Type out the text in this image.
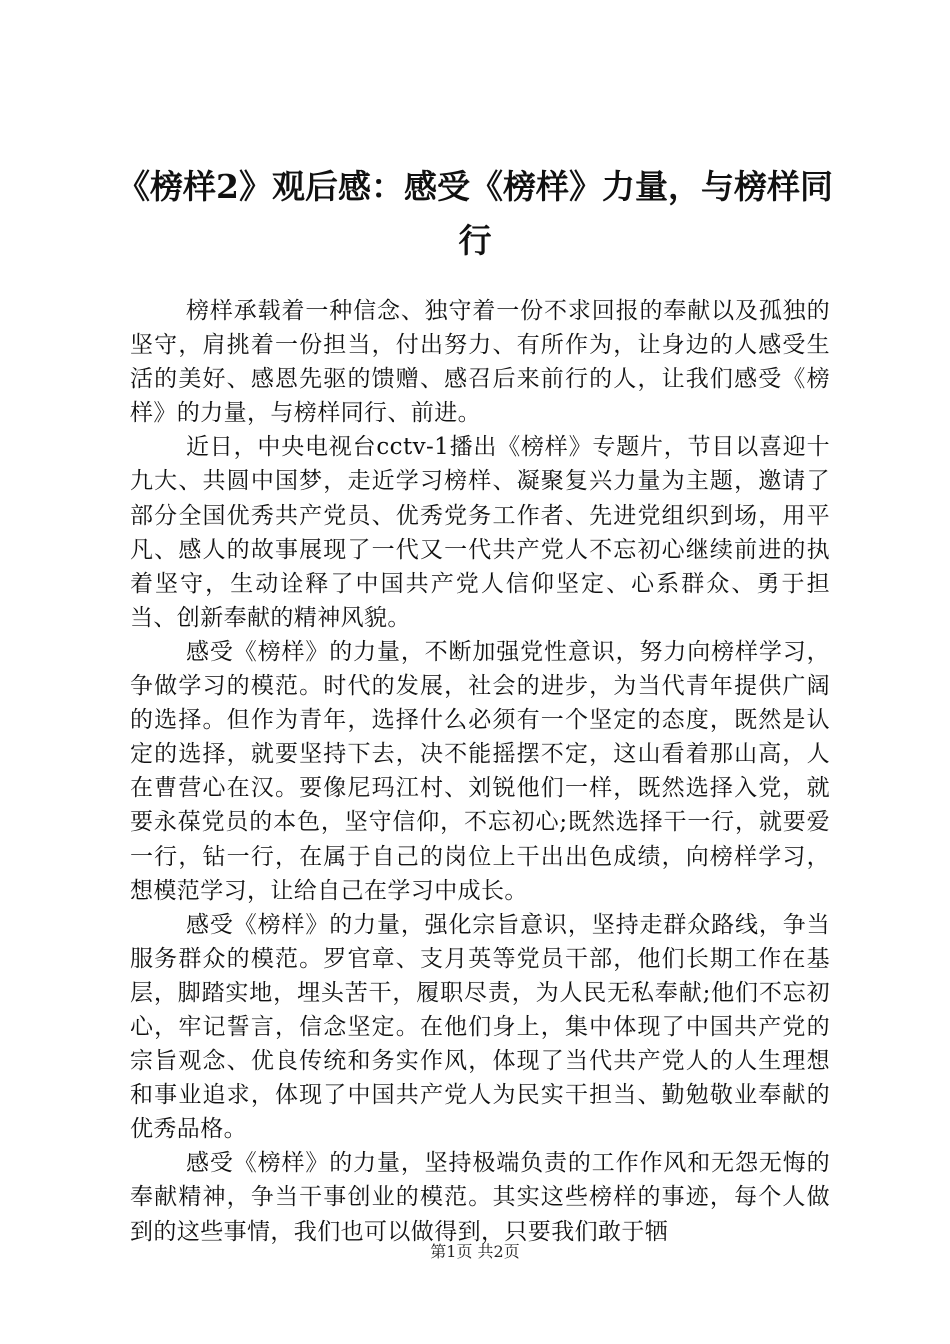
《榜样2》观后感：感受《榜样》力量，与榜样同行

榜样承载着一种信念、独守着一份不求回报的奉献以及孤独的坚守，肩挑着一份担当，付出努力、有所作为，让身边的人感受生活的美好、感恩先驱的馈赠、感召后来前行的人，让我们感受《榜样》的力量，与榜样同行、前进。

近日，中央电视台cctv-1播出《榜样》专题片，节目以喜迎十九大、共圆中国梦，走近学习榜样、凝聚复兴力量为主题，邀请了部分全国优秀共产党员、优秀党务工作者、先进党组织到场，用平凡、感人的故事展现了一代又一代共产党人不忘初心继续前进的执着坚守，生动诠释了中国共产党人信仰坚定、心系群众、勇于担当、创新奉献的精神风貌。

感受《榜样》的力量，不断加强党性意识，努力向榜样学习，争做学习的模范。时代的发展，社会的进步，为当代青年提供广阔的选择。但作为青年，选择什么必须有一个坚定的态度，既然是认定的选择，就要坚持下去，决不能摇摆不定，这山看着那山高，人在曹营心在汉。要像尼玛江村、刘锐他们一样，既然选择入党，就要永葆党员的本色，坚守信仰，不忘初心;既然选择干一行，就要爱一行，钻一行，在属于自己的岗位上干出出色成绩，向榜样学习，想模范学习，让给自己在学习中成长。

感受《榜样》的力量，强化宗旨意识，坚持走群众路线，争当服务群众的模范。罗官章、支月英等党员干部，他们长期工作在基层，脚踏实地，埋头苦干，履职尽责，为人民无私奉献;他们不忘初心，牢记誓言，信念坚定。在他们身上，集中体现了中国共产党的宗旨观念、优良传统和务实作风，体现了当代共产党人的人生理想和事业追求，体现了中国共产党人为民实干担当、勤勉敬业奉献的优秀品格。

感受《榜样》的力量，坚持极端负责的工作作风和无怨无悔的奉献精神，争当干事创业的模范。其实这些榜样的事迹，每个人做到的这些事情，我们也可以做得到，只要我们敢于牺

第1页 共2页
